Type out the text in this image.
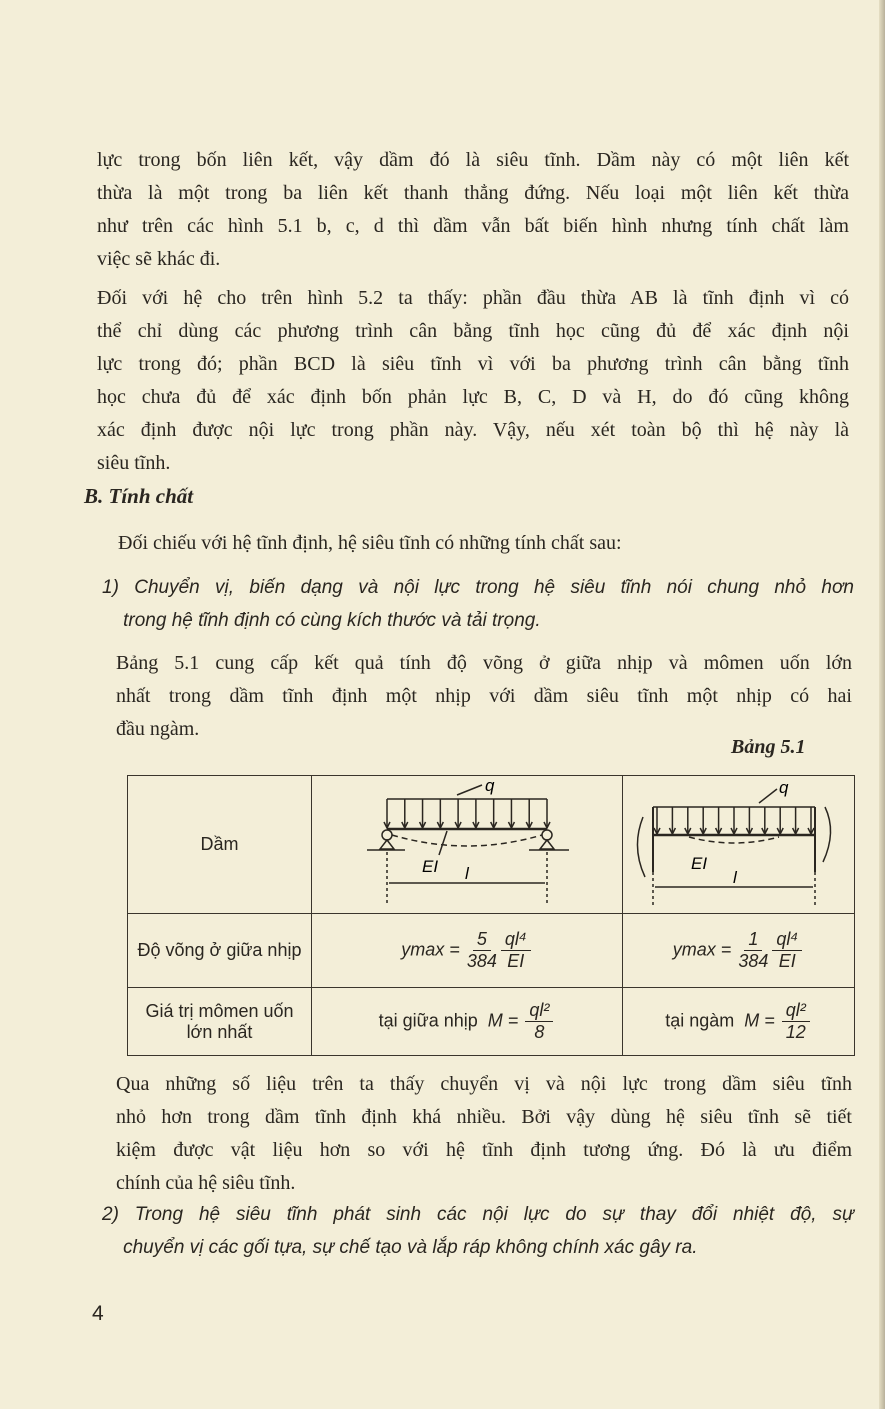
lực trong bốn liên kết, vậy dầm đó là siêu tĩnh. Dầm này có một liên kết
thừa là một trong ba liên kết thanh thẳng đứng. Nếu loại một liên kết thừa
như trên các hình 5.1 b, c, d thì dầm vẫn bất biến hình nhưng tính chất làm
việc sẽ khác đi.
Đối với hệ cho trên hình 5.2 ta thấy: phần đầu thừa AB là tĩnh định vì có
thể chỉ dùng các phương trình cân bằng tĩnh học cũng đủ để xác định nội
lực trong đó; phần BCD là siêu tĩnh vì với ba phương trình cân bằng tĩnh
học chưa đủ để xác định bốn phản lực B, C, D và H, do đó cũng không
xác định được nội lực trong phần này. Vậy, nếu xét toàn bộ thì hệ này là
siêu tĩnh.
B. Tính chất
Đối chiếu với hệ tĩnh định, hệ siêu tĩnh có những tính chất sau:
1) Chuyển vị, biến dạng và nội lực trong hệ siêu tĩnh nói chung nhỏ hơn
trong hệ tĩnh định có cùng kích thước và tải trọng.
Bảng 5.1 cung cấp kết quả tính độ võng ở giữa nhịp và mômen uốn lớn
nhất trong dầm tĩnh định một nhịp với dầm siêu tĩnh một nhịp có hai
đầu ngàm.
Bảng 5.1
Dầm	q
EI l	q
EI
l

Độ võng ở giữa nhịp	$ymax = \frac{5}{384} \frac{\text{ql⁴}}{EI}$	$ymax = \frac{1}{384} \frac{\text{ql⁴}}{EI}$

Giá trị mômen uốn
lớn nhất	tại giữa nhịp $M = \frac{\text{ql²}}{8}$	tại ngàm $M = \frac{\text{ql²}}{12}$
Qua những số liệu trên ta thấy chuyển vị và nội lực trong dầm siêu tĩnh
nhỏ hơn trong dầm tĩnh định khá nhiều. Bởi vậy dùng hệ siêu tĩnh sẽ tiết
kiệm được vật liệu hơn so với hệ tĩnh định tương ứng. Đó là ưu điểm
chính của hệ siêu tĩnh.
2) Trong hệ siêu tĩnh phát sinh các nội lực do sự thay đổi nhiệt độ, sự
chuyển vị các gối tựa, sự chế tạo và lắp ráp không chính xác gây ra.
4
